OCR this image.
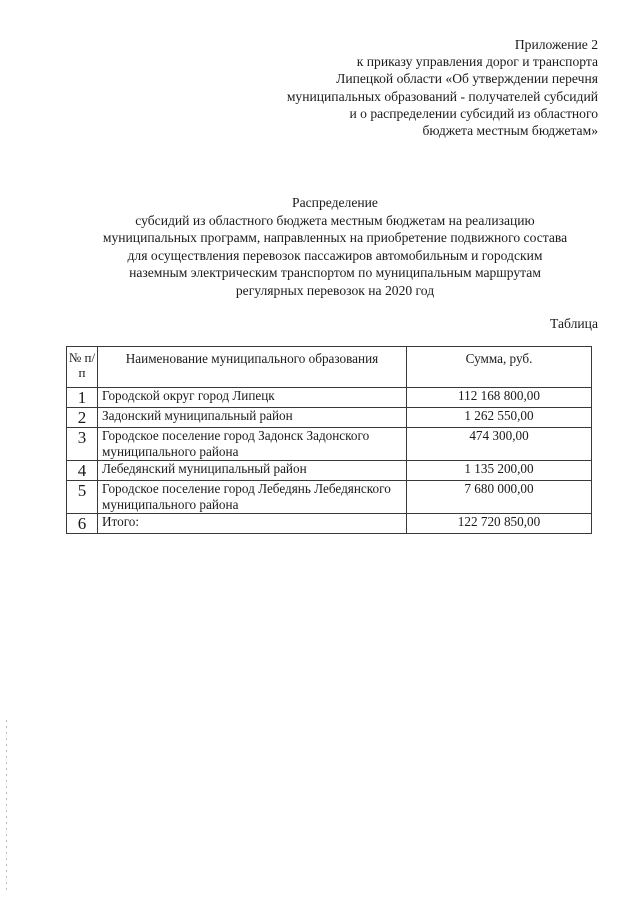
Приложение 2
к приказу управления дорог и транспорта
Липецкой области «Об утверждении перечня
муниципальных образований - получателей субсидий
и о распределении субсидий из областного
бюджета местным бюджетам»
Распределение
субсидий из областного бюджета местным бюджетам на реализацию
муниципальных программ, направленных на приобретение подвижного состава
для осуществления перевозок пассажиров автомобильным и городским
наземным электрическим транспортом по муниципальным маршрутам
регулярных перевозок на 2020 год
Таблица
№ п/п	Наименование муниципального образования	Сумма, руб.
1	Городской округ город Липецк	112 168 800,00
2	Задонский муниципальный район	1 262 550,00
3	Городское поселение город Задонск Задонского муниципального района	474 300,00
4	Лебедянский муниципальный район	1 135 200,00
5	Городское поселение город Лебедянь Лебедянского муниципального района	7 680 000,00
6	Итого:	122 720 850,00
